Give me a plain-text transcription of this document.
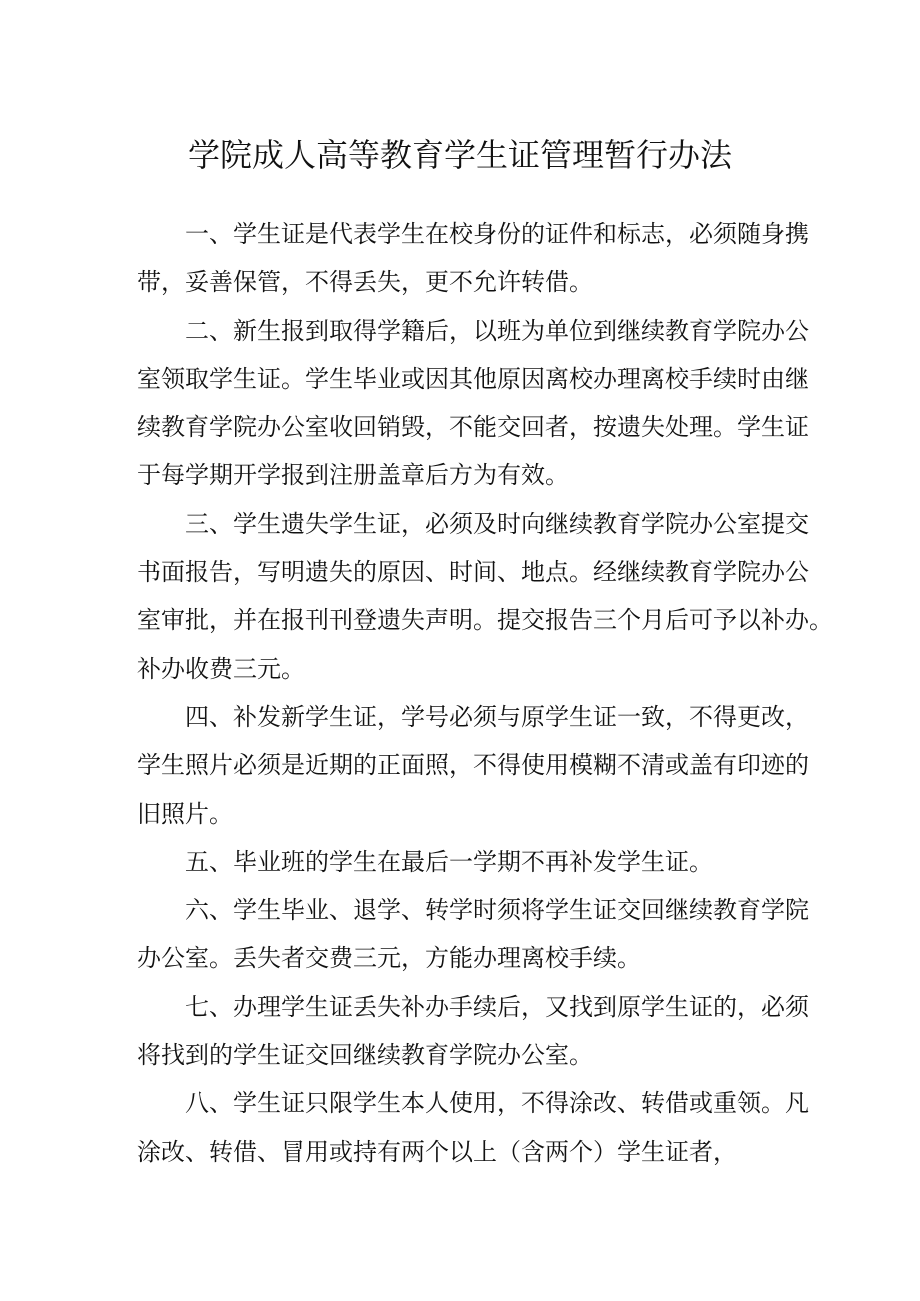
学院成人高等教育学生证管理暂行办法
一、学生证是代表学生在校身份的证件和标志，必须随身携
带，妥善保管，不得丢失，更不允许转借。
二、新生报到取得学籍后，以班为单位到继续教育学院办公
室领取学生证。学生毕业或因其他原因离校办理离校手续时由继
续教育学院办公室收回销毁，不能交回者，按遗失处理。学生证
于每学期开学报到注册盖章后方为有效。
三、学生遗失学生证，必须及时向继续教育学院办公室提交
书面报告，写明遗失的原因、时间、地点。经继续教育学院办公
室审批，并在报刊刊登遗失声明。提交报告三个月后可予以补办。
补办收费三元。
四、补发新学生证，学号必须与原学生证一致，不得更改，
学生照片必须是近期的正面照，不得使用模糊不清或盖有印迹的
旧照片。
五、毕业班的学生在最后一学期不再补发学生证。
六、学生毕业、退学、转学时须将学生证交回继续教育学院
办公室。丢失者交费三元，方能办理离校手续。
七、办理学生证丢失补办手续后，又找到原学生证的，必须
将找到的学生证交回继续教育学院办公室。
八、学生证只限学生本人使用，不得涂改、转借或重领。凡
涂改、转借、冒用或持有两个以上（含两个）学生证者，
